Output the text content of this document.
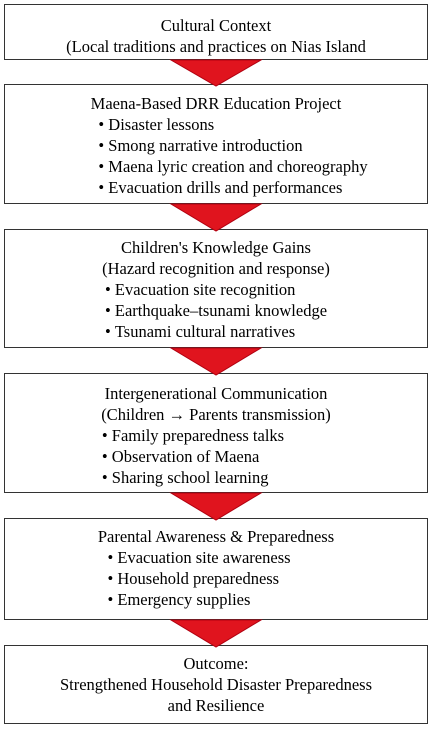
Cultural Context
(Local traditions and practices on Nias Island
Maena-Based DRR Education Project
• Disaster lessons
• Smong narrative introduction
• Maena lyric creation and choreography
• Evacuation drills and performances
Children's Knowledge Gains
(Hazard recognition and response)
• Evacuation site recognition
• Earthquake–tsunami knowledge
• Tsunami cultural narratives
Intergenerational Communication
(Children → Parents transmission)
• Family preparedness talks
• Observation of Maena
• Sharing school learning
Parental Awareness & Preparedness
• Evacuation site awareness
• Household preparedness
• Emergency supplies
Outcome:
Strengthened Household Disaster Preparedness
and Resilience
